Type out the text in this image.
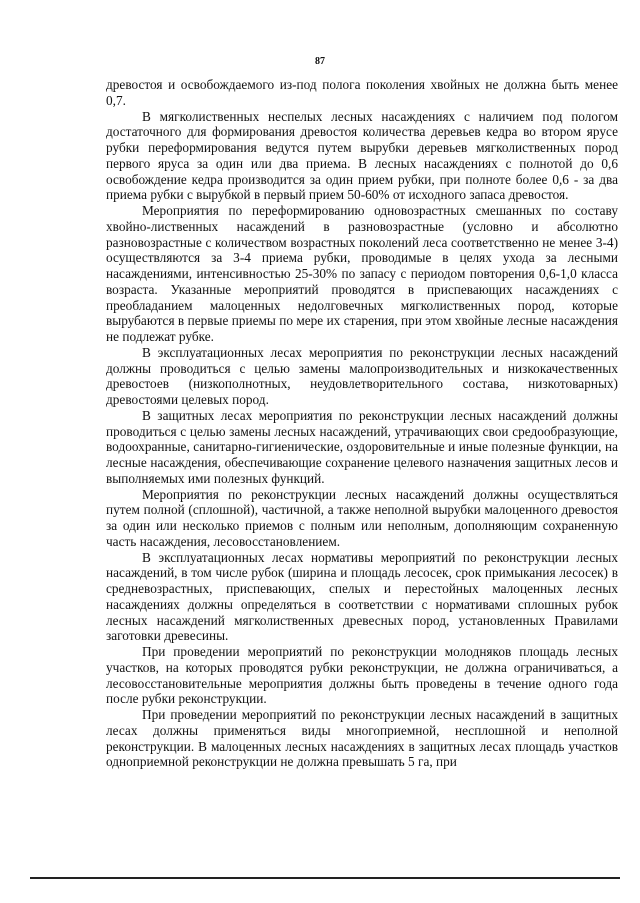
87

древостоя и освобождаемого из-под полога поколения хвойных не должна быть менее 0,7.

В мягколиственных неспелых лесных насаждениях с наличием под пологом достаточного для формирования древостоя количества деревьев кедра во втором ярусе рубки переформирования ведутся путем вырубки деревьев мягколиственных пород первого яруса за один или два приема. В лесных насаждениях с полнотой до 0,6 освобождение кедра производится за один прием рубки, при полноте более 0,6 - за два приема рубки с вырубкой в первый прием 50-60% от исходного запаса древостоя.

Мероприятия по переформированию одновозрастных смешанных по составу хвойно-лиственных насаждений в разновозрастные (условно и абсолютно разновозрастные с количеством возрастных поколений леса соответственно не менее 3-4) осуществляются за 3-4 приема рубки, проводимые в целях ухода за лесными насаждениями, интенсивностью 25-30% по запасу с периодом повторения 0,6-1,0 класса возраста. Указанные мероприятий проводятся в приспевающих насаждениях с преобладанием малоценных недолговечных мягколиственных пород, которые вырубаются в первые приемы по мере их старения, при этом хвойные лесные насаждения не подлежат рубке.

В эксплуатационных лесах мероприятия по реконструкции лесных насаждений должны проводиться с целью замены малопроизводительных и низкокачественных древостоев (низкополнотных, неудовлетворительного состава, низкотоварных) древостоями целевых пород.

В защитных лесах мероприятия по реконструкции лесных насаждений должны проводиться с целью замены лесных насаждений, утрачивающих свои средообразующие, водоохранные, санитарно-гигиенические, оздоровительные и иные полезные функции, на лесные насаждения, обеспечивающие сохранение целевого назначения защитных лесов и выполняемых ими полезных функций.

Мероприятия по реконструкции лесных насаждений должны осуществляться путем полной (сплошной), частичной, а также неполной вырубки малоценного древостоя за один или несколько приемов с полным или неполным, дополняющим сохраненную часть насаждения, лесовосстановлением.

В эксплуатационных лесах нормативы мероприятий по реконструкции лесных насаждений, в том числе рубок (ширина и площадь лесосек, срок примыкания лесосек) в средневозрастных, приспевающих, спелых и перестойных малоценных лесных насаждениях должны определяться в соответствии с нормативами сплошных рубок лесных насаждений мягколиственных древесных пород, установленных Правилами заготовки древесины.

При проведении мероприятий по реконструкции молодняков площадь лесных участков, на которых проводятся рубки реконструкции, не должна ограничиваться, а лесовосстановительные мероприятия должны быть проведены в течение одного года после рубки реконструкции.

При проведении мероприятий по реконструкции лесных насаждений в защитных лесах должны применяться виды многоприемной, несплошной и неполной реконструкции. В малоценных лесных насаждениях в защитных лесах площадь участков одноприемной реконструкции не должна превышать 5 га, при
